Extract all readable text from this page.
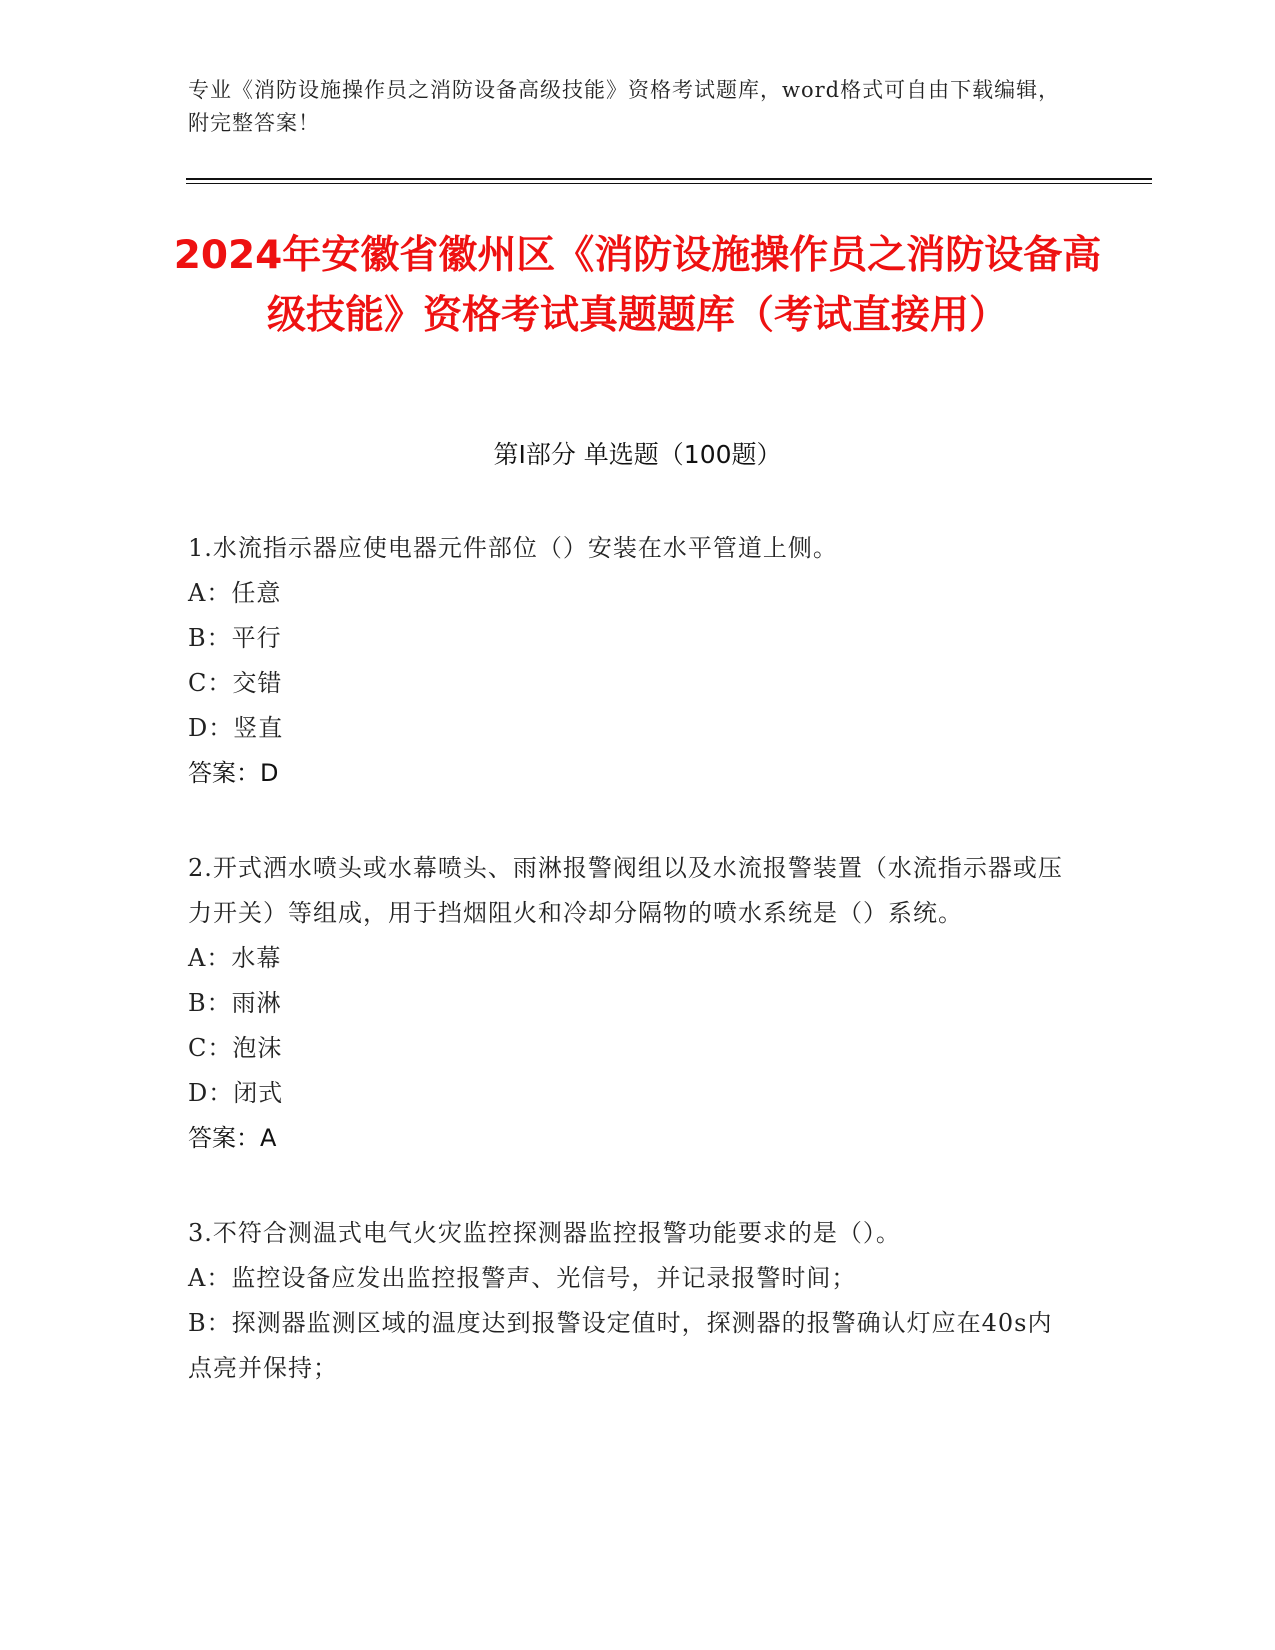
专业《消防设施操作员之消防设备高级技能》资格考试题库，word格式可自由下载编辑，附完整答案！
2024年安徽省徽州区《消防设施操作员之消防设备高级技能》资格考试真题题库（考试直接用）
第I部分 单选题（100题）
1.水流指示器应使电器元件部位（）安装在水平管道上侧。
A：任意
B：平行
C：交错
D：竖直
答案：D
2.开式洒水喷头或水幕喷头、雨淋报警阀组以及水流报警装置（水流指示器或压力开关）等组成，用于挡烟阻火和冷却分隔物的喷水系统是（）系统。
A：水幕
B：雨淋
C：泡沫
D：闭式
答案：A
3.不符合测温式电气火灾监控探测器监控报警功能要求的是（）。
A：监控设备应发出监控报警声、光信号，并记录报警时间；
B：探测器监测区域的温度达到报警设定值时，探测器的报警确认灯应在40s内点亮并保持；
